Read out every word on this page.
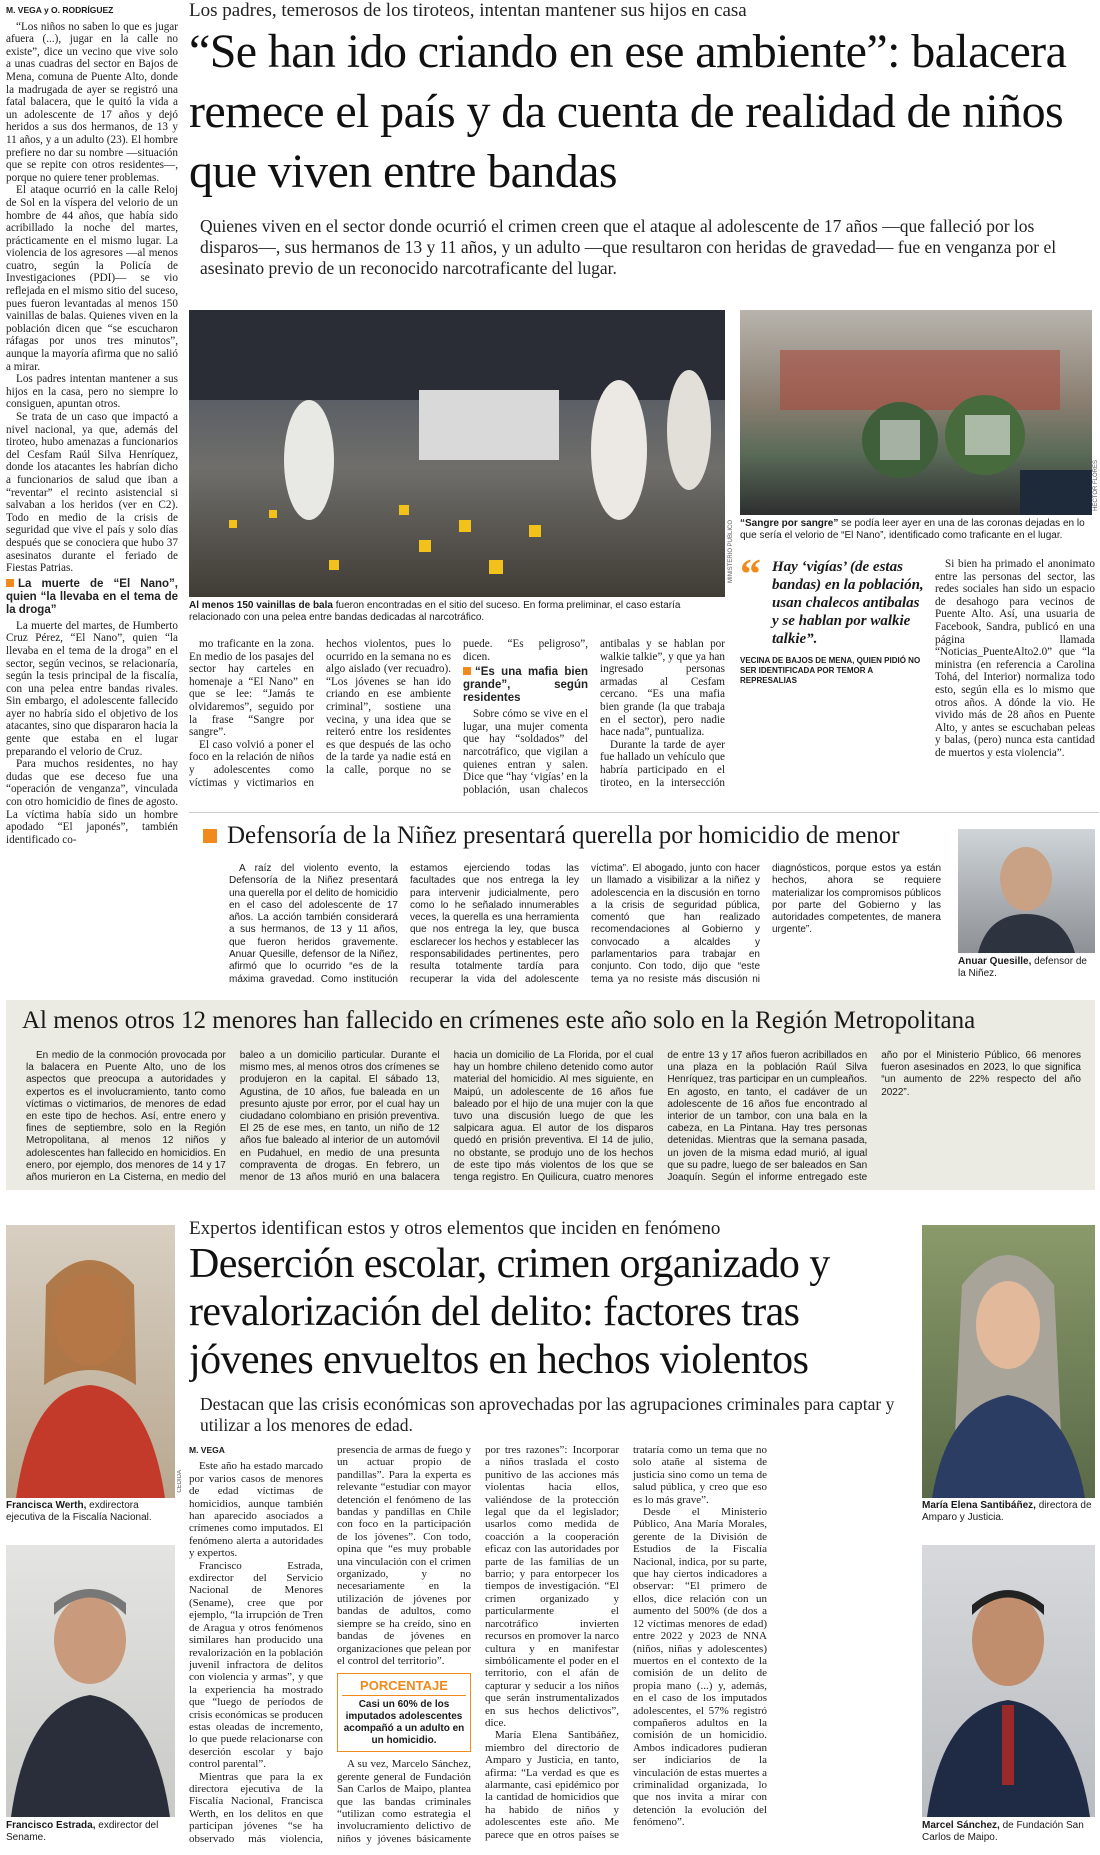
M. VEGA y O. RODRÍGUEZ

“Los niños no saben lo que es jugar afuera (...), jugar en la calle no existe”, dice un vecino que vive solo a unas cuadras del sector en Bajos de Mena, comuna de Puente Alto, donde la madrugada de ayer se registró una fatal balacera, que le quitó la vida a un adolescente de 17 años y dejó heridos a sus dos hermanos, de 13 y 11 años, y a un adulto (23). El hombre prefiere no dar su nombre —situación que se repite con otros residentes—, porque no quiere tener problemas.

El ataque ocurrió en la calle Reloj de Sol en la víspera del velorio de un hombre de 44 años, que había sido acribillado la noche del martes, prácticamente en el mismo lugar. La violencia de los agresores —al menos cuatro, según la Policía de Investigaciones (PDI)— se vio reflejada en el mismo sitio del suceso, pues fueron levantadas al menos 150 vainillas de balas. Quienes viven en la población dicen que “se escucharon ráfagas por unos tres minutos”, aunque la mayoría afirma que no salió a mirar.

Los padres intentan mantener a sus hijos en la casa, pero no siempre lo consiguen, apuntan otros.

Se trata de un caso que impactó a nivel nacional, ya que, además del tiroteo, hubo amenazas a funcionarios del Cesfam Raúl Silva Henríquez, donde los atacantes les habrían dicho a funcionarios de salud que iban a “reventar” el recinto asistencial si salvaban a los heridos (ver en C2). Todo en medio de la crisis de seguridad que vive el país y solo días después que se conociera que hubo 37 asesinatos durante el feriado de Fiestas Patrias.

La muerte de “El Nano”, quien “la llevaba en el tema de la droga”

La muerte del martes, de Humberto Cruz Pérez, “El Nano”, quien “la llevaba en el tema de la droga” en el sector, según vecinos, se relacionaría, según la tesis principal de la fiscalía, con una pelea entre bandas rivales. Sin embargo, el adolescente fallecido ayer no habría sido el objetivo de los atacantes, sino que dispararon hacia la gente que estaba en el lugar preparando el velorio de Cruz.

Para muchos residentes, no hay dudas que ese deceso fue una “operación de venganza”, vinculada con otro homicidio de fines de agosto. La víctima había sido un hombre apodado “El japonés”, también identificado co-

Los padres, temerosos de los tiroteos, intentan mantener sus hijos en casa
“Se han ido criando en ese ambiente”: balacera remece el país y da cuenta de realidad de niños que viven entre bandas
Quienes viven en el sector donde ocurrió el crimen creen que el ataque al adolescente de 17 años —que falleció por los disparos—, sus hermanos de 13 y 11 años, y un adulto —que resultaron con heridas de gravedad— fue en venganza por el asesinato previo de un reconocido narcotraficante del lugar.
MINISTERIO PÚBLICO
Al menos 150 vainillas de bala fueron encontradas en el sitio del suceso. En forma preliminar, el caso estaría relacionado con una pelea entre bandas dedicadas al narcotráfico.
HÉCTOR FLORES
“Sangre por sangre” se podía leer ayer en una de las coronas dejadas en lo que sería el velorio de “El Nano”, identificado como traficante en el lugar.

mo traficante en la zona. En medio de los pasajes del sector hay carteles en homenaje a “El Nano” en que se lee: “Jamás te olvidaremos”, seguido por la frase “Sangre por sangre”.

El caso volvió a poner el foco en la relación de niños y adolescentes como víctimas y victimarios en hechos violentos, pues lo ocurrido en la semana no es algo aislado (ver recuadro). “Los jóvenes se han ido criando en ese ambiente criminal”, sostiene una vecina, y una idea que se reiteró entre los residentes es que después de las ocho de la tarde ya nadie está en la calle, porque no se puede. “Es peligroso”, dicen.

“Es una mafia bien grande”, según residentes

Sobre cómo se vive en el lugar, una mujer comenta que hay “soldados” del narcotráfico, que vigilan a quienes entran y salen. Dice que “hay ‘vigías’ en la población, usan chalecos antibalas y se hablan por walkie talkie”, y que ya han ingresado personas armadas al Cesfam cercano. “Es una mafia bien grande (la que trabaja en el sector), pero nadie hace nada”, puntualiza.

Durante la tarde de ayer fue hallado un vehículo que habría participado en el tiroteo, en la intersección

“ Hay ‘vigías’ (de estas bandas) en la población, usan chalecos antibalas y se hablan por walkie talkie”.
VECINA DE BAJOS DE MENA, QUIEN PIDIÓ NO SER IDENTIFICADA POR TEMOR A REPRESALIAS

Si bien ha primado el anonimato entre las personas del sector, las redes sociales han sido un espacio de desahogo para vecinos de Puente Alto. Así, una usuaria de Facebook, Sandra, publicó en una página llamada “Noticias_PuenteAlto2.0” que “la ministra (en referencia a Carolina Tohá, del Interior) normaliza todo esto, según ella es lo mismo que otros años. A dónde la vio. He vivido más de 28 años en Puente Alto, y antes se escuchaban peleas y balas, (pero) nunca esta cantidad de muertos y esta violencia”.

Defensoría de la Niñez presentará querella por homicidio de menor
A raíz del violento evento, la Defensoría de la Niñez presentará una querella por el delito de homicidio en el caso del adolescente de 17 años. La acción también considerará a sus hermanos, de 13 y 11 años, que fueron heridos gravemente. Anuar Quesille, defensor de la Niñez, afirmó que lo ocurrido “es de la máxima gravedad. Como institución estamos ejerciendo todas las facultades que nos entrega la ley para intervenir judicialmente, pero como lo he señalado innumerables veces, la querella es una herramienta que nos entrega la ley, que busca esclarecer los hechos y establecer las responsabilidades pertinentes, pero resulta totalmente tardía para recuperar la vida del adolescente víctima”. El abogado, junto con hacer un llamado a visibilizar a la niñez y adolescencia en la discusión en torno a la crisis de seguridad pública, comentó que han realizado recomendaciones al Gobierno y convocado a alcaldes y parlamentarios para trabajar en conjunto. Con todo, dijo que “este tema ya no resiste más discusión ni diagnósticos, porque estos ya están hechos, ahora se requiere materializar los compromisos públicos por parte del Gobierno y las autoridades competentes, de manera urgente”.
Anuar Quesille, defensor de la Niñez.
Al menos otros 12 menores han fallecido en crímenes este año solo en la Región Metropolitana
En medio de la conmoción provocada por la balacera en Puente Alto, uno de los aspectos que preocupa a autoridades y expertos es el involucramiento, tanto como víctimas o victimarios, de menores de edad en este tipo de hechos. Así, entre enero y fines de septiembre, solo en la Región Metropolitana, al menos 12 niños y adolescentes han fallecido en homicidios. En enero, por ejemplo, dos menores de 14 y 17 años murieron en La Cisterna, en medio del baleo a un domicilio particular. Durante el mismo mes, al menos otros dos crímenes se produjeron en la capital. El sábado 13, Agustina, de 10 años, fue baleada en un presunto ajuste por error, por el cual hay un ciudadano colombiano en prisión preventiva. El 25 de ese mes, en tanto, un niño de 12 años fue baleado al interior de un automóvil en Pudahuel, en medio de una presunta compraventa de drogas. En febrero, un menor de 13 años murió en una balacera hacia un domicilio de La Florida, por el cual hay un hombre chileno detenido como autor material del homicidio. Al mes siguiente, en Maipú, un adolescente de 16 años fue baleado por el hijo de una mujer con la que tuvo una discusión luego de que les salpicara agua. El autor de los disparos quedó en prisión preventiva. El 14 de julio, no obstante, se produjo uno de los hechos de este tipo más violentos de los que se tenga registro. En Quilicura, cuatro menores de entre 13 y 17 años fueron acribillados en una plaza en la población Raúl Silva Henríquez, tras participar en un cumpleaños. En agosto, en tanto, el cadáver de un adolescente de 16 años fue encontrado al interior de un tambor, con una bala en la cabeza, en La Pintana. Hay tres personas detenidas. Mientras que la semana pasada, un joven de la misma edad murió, al igual que su padre, luego de ser baleados en San Joaquín. Según el informe entregado este año por el Ministerio Público, 66 menores fueron asesinados en 2023, lo que significa “un aumento de 22% respecto del año 2022”.
Expertos identifican estos y otros elementos que inciden en fenómeno
Deserción escolar, crimen organizado y revalorización del delito: factores tras jóvenes envueltos en hechos violentos
Destacan que las crisis económicas son aprovechadas por las agrupaciones criminales para captar y utilizar a los menores de edad.
M. VEGA

Este año ha estado marcado por varios casos de menores de edad víctimas de homicidios, aunque también han aparecido asociados a crímenes como imputados. El fenómeno alerta a autoridades y expertos.

Francisco Estrada, exdirector del Servicio Nacional de Menores (Sename), cree que por ejemplo, “la irrupción de Tren de Aragua y otros fenómenos similares han producido una revalorización en la población juvenil infractora de delitos con violencia y armas”, y que la experiencia ha mostrado que “luego de períodos de crisis económicas se producen estas oleadas de incremento, lo que puede relacionarse con deserción escolar y bajo control parental”.

Mientras que para la ex directora ejecutiva de la Fiscalía Nacional, Francisca Werth, en los delitos en que participan jóvenes “se ha observado más violencia, presencia de armas de fuego y un actuar propio de pandillas”. Para la experta es relevante “estudiar con mayor detención el fenómeno de las bandas y pandillas en Chile con foco en la participación de los jóvenes”. Con todo, opina que “es muy probable una vinculación con el crimen organizado, y no necesariamente en la utilización de jóvenes por bandas de adultos, como siempre se ha creído, sino en bandas de jóvenes en organizaciones que pelean por el control del territorio”.

PORCENTAJE
Casi un 60% de los imputados adolescentes acompañó a un adulto en un homicidio.

A su vez, Marcelo Sánchez, gerente general de Fundación San Carlos de Maipo, plantea que las bandas criminales “utilizan como estrategia el involucramiento delictivo de niños y jóvenes básicamente por tres razones”: Incorporar a niños traslada el costo punitivo de las acciones más violentas hacia ellos, valiéndose de la protección legal que da el legislador; usarlos como medida de coacción a la cooperación eficaz con las autoridades por parte de las familias de un barrio; y para entorpecer los tiempos de investigación. “El crimen organizado y particularmente el narcotráfico invierten recursos en promover la narco cultura y en manifestar simbólicamente el poder en el territorio, con el afán de capturar y seducir a los niños que serán instrumentalizados en sus hechos delictivos”, dice.

María Elena Santibáñez, miembro del directorio de Amparo y Justicia, en tanto, afirma: “La verdad es que es alarmante, casi epidémico por la cantidad de homicidios que ha habido de niños y adolescentes este año. Me parece que en otros países se trataría como un tema que no solo atañe al sistema de justicia sino como un tema de salud pública, y creo que eso es lo más grave”.

Desde el Ministerio Público, Ana María Morales, gerente de la División de Estudios de la Fiscalía Nacional, indica, por su parte, que hay ciertos indicadores a observar: “El primero de ellos, dice relación con un aumento del 500% (de dos a 12 víctimas menores de edad) entre 2022 y 2023 de NNA (niños, niñas y adolescentes) muertos en el contexto de la comisión de un delito de propia mano (...) y, además, en el caso de los imputados adolescentes, el 57% registró compañeros adultos en la comisión de un homicidio. Ambos indicadores pudieran ser indiciarios de la vinculación de estas muertes a criminalidad organizada, lo que nos invita a mirar con detención la evolución del fenómeno”.

Francisca Werth, exdirectora ejecutiva de la Fiscalía Nacional.
Francisco Estrada, exdirector del Sename.
María Elena Santibáñez, directora de Amparo y Justicia.
Marcel Sánchez, de Fundación San Carlos de Maipo.
CEDIDA
